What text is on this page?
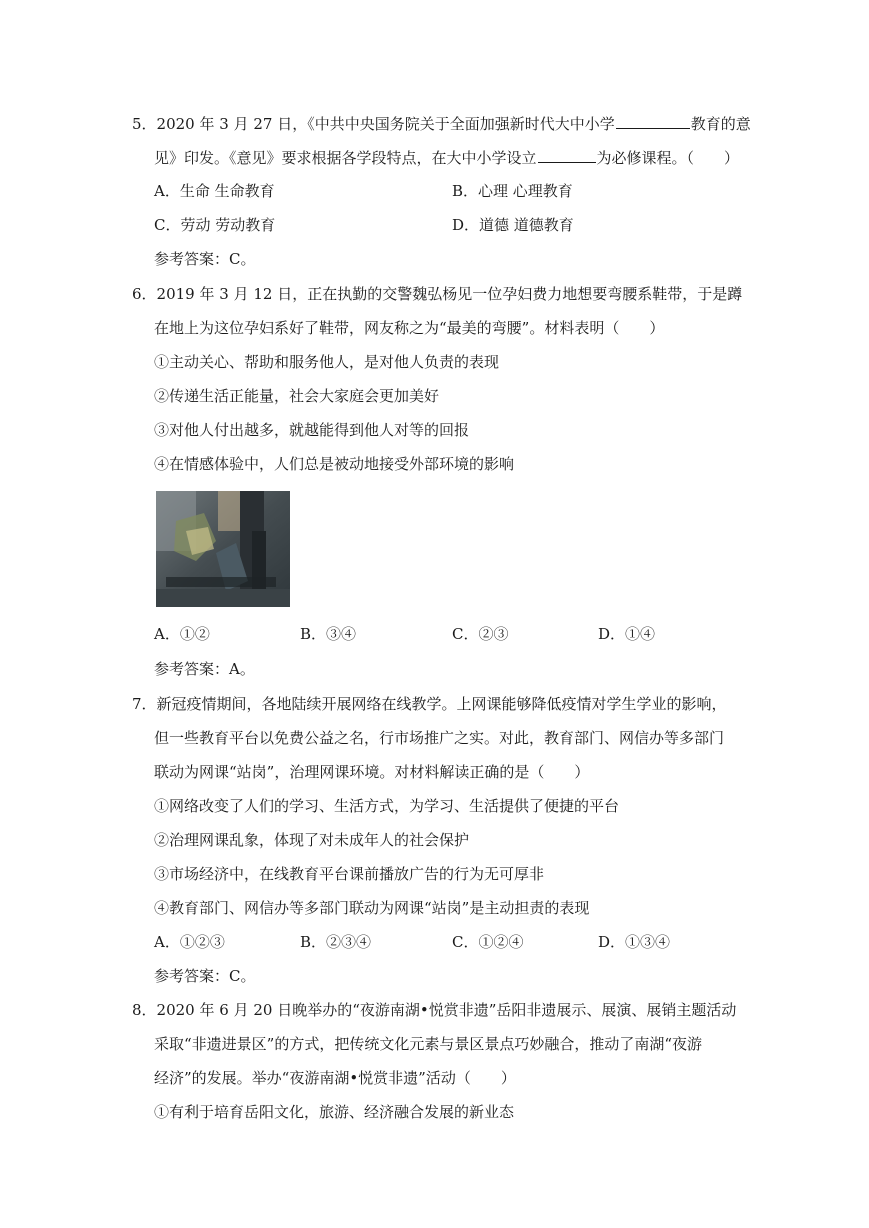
5．2020 年 3 月 27 日，《中共中央国务院关于全面加强新时代大中小学	教育的意
见》印发。《意见》要求根据各学段特点，在大中小学设立	为必修课程。（　　）
A．生命 生命教育	B．心理 心理教育
C．劳动 劳动教育	D．道德 道德教育
参考答案：C。
6．2019 年 3 月 12 日，正在执勤的交警魏弘杨见一位孕妇费力地想要弯腰系鞋带，于是蹲
在地上为这位孕妇系好了鞋带，网友称之为“最美的弯腰”。材料表明（　　）
①主动关心、帮助和服务他人，是对他人负责的表现
②传递生活正能量，社会大家庭会更加美好
③对他人付出越多，就越能得到他人对等的回报
④在情感体验中，人们总是被动地接受外部环境的影响
A．①②	B．③④	C．②③	D．①④
参考答案：A。
7．新冠疫情期间，各地陆续开展网络在线教学。上网课能够降低疫情对学生学业的影响，
但一些教育平台以免费公益之名，行市场推广之实。对此，教育部门、网信办等多部门
联动为网课“站岗”，治理网课环境。对材料解读正确的是（　　）
①网络改变了人们的学习、生活方式，为学习、生活提供了便捷的平台
②治理网课乱象，体现了对未成年人的社会保护
③市场经济中，在线教育平台课前播放广告的行为无可厚非
④教育部门、网信办等多部门联动为网课“站岗”是主动担责的表现
A．①②③	B．②③④	C．①②④	D．①③④
参考答案：C。
8．2020 年 6 月 20 日晚举办的“夜游南湖•悦赏非遗”岳阳非遗展示、展演、展销主题活动
采取“非遗进景区”的方式，把传统文化元素与景区景点巧妙融合，推动了南湖“夜游
经济”的发展。举办“夜游南湖•悦赏非遗”活动（　　）
①有利于培育岳阳文化，旅游、经济融合发展的新业态
